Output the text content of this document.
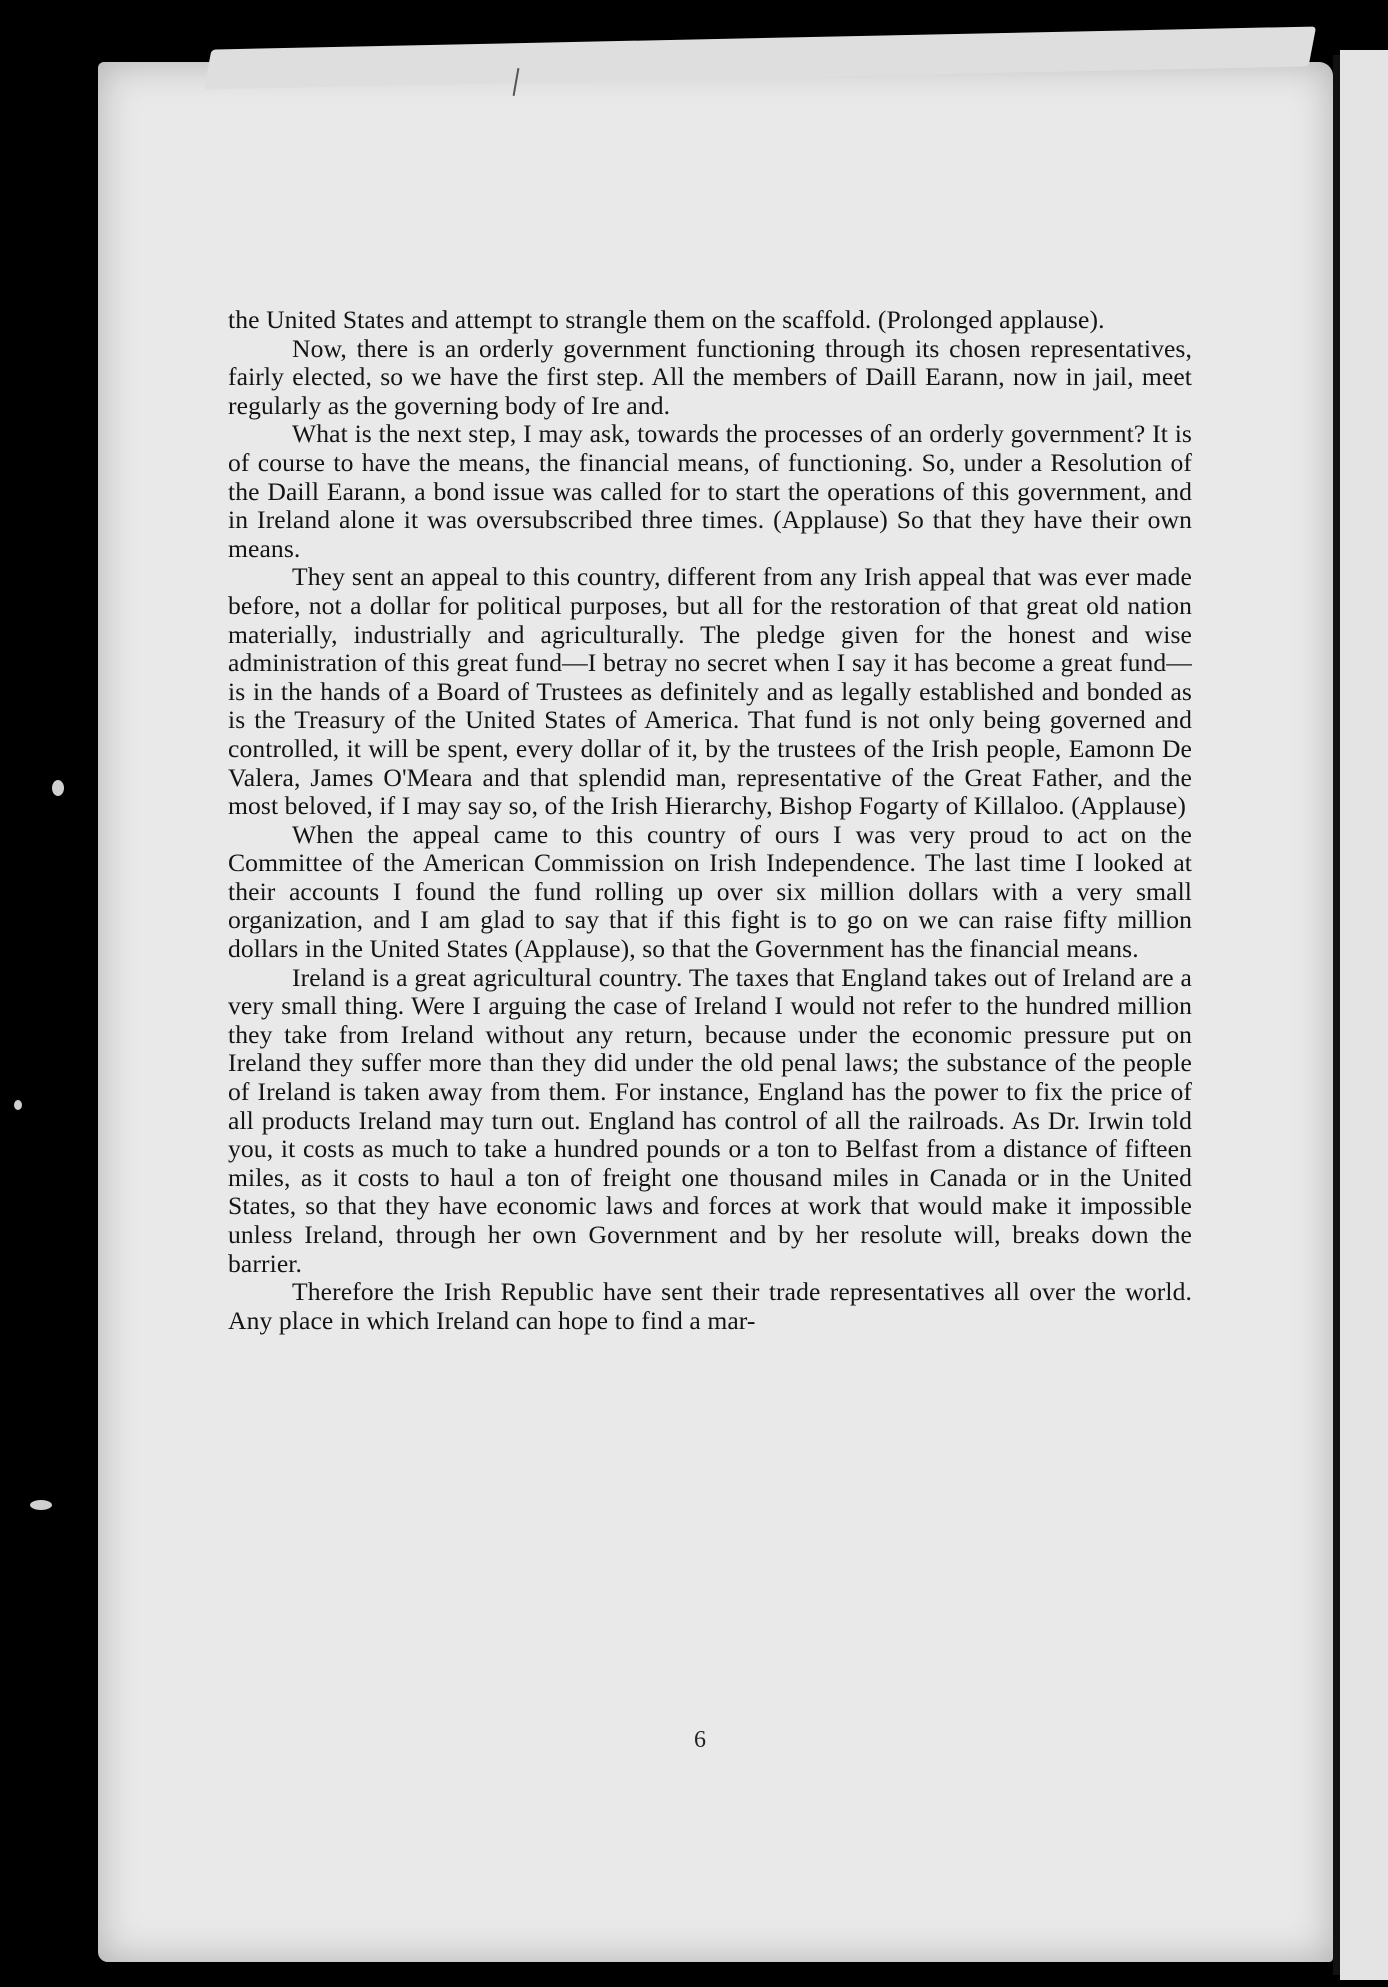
the United States and attempt to strangle them on the scaffold. (Prolonged applause).

Now, there is an orderly government functioning through its chosen representatives, fairly elected, so we have the first step. All the members of Daill Earann, now in jail, meet regularly as the governing body of Ire and.

What is the next step, I may ask, towards the processes of an orderly government? It is of course to have the means, the financial means, of functioning. So, under a Resolution of the Daill Earann, a bond issue was called for to start the operations of this government, and in Ireland alone it was oversubscribed three times. (Applause) So that they have their own means.

They sent an appeal to this country, different from any Irish appeal that was ever made before, not a dollar for political purposes, but all for the restoration of that great old nation materially, industrially and agriculturally. The pledge given for the honest and wise administration of this great fund—I betray no secret when I say it has become a great fund—is in the hands of a Board of Trustees as definitely and as legally established and bonded as is the Treasury of the United States of America. That fund is not only being governed and controlled, it will be spent, every dollar of it, by the trustees of the Irish people, Eamonn De Valera, James O'Meara and that splendid man, representative of the Great Father, and the most beloved, if I may say so, of the Irish Hierarchy, Bishop Fogarty of Killaloo. (Applause)

When the appeal came to this country of ours I was very proud to act on the Committee of the American Commission on Irish Independence. The last time I looked at their accounts I found the fund rolling up over six million dollars with a very small organization, and I am glad to say that if this fight is to go on we can raise fifty million dollars in the United States (Applause), so that the Government has the financial means.

Ireland is a great agricultural country. The taxes that England takes out of Ireland are a very small thing. Were I arguing the case of Ireland I would not refer to the hundred million they take from Ireland without any return, because under the economic pressure put on Ireland they suffer more than they did under the old penal laws; the substance of the people of Ireland is taken away from them. For instance, England has the power to fix the price of all products Ireland may turn out. England has control of all the railroads. As Dr. Irwin told you, it costs as much to take a hundred pounds or a ton to Belfast from a distance of fifteen miles, as it costs to haul a ton of freight one thousand miles in Canada or in the United States, so that they have economic laws and forces at work that would make it impossible unless Ireland, through her own Government and by her resolute will, breaks down the barrier.

Therefore the Irish Republic have sent their trade representatives all over the world. Any place in which Ireland can hope to find a mar-

6
